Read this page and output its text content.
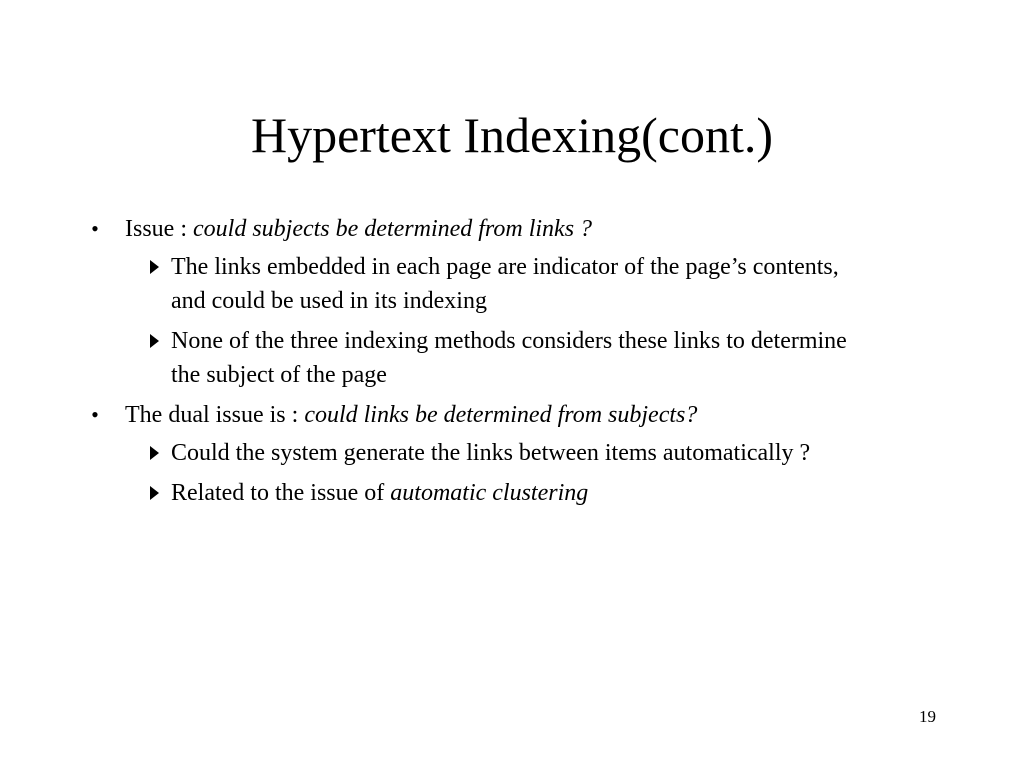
Hypertext Indexing(cont.)
• Issue : could subjects be determined from links ?
The links embedded in each page are indicator of the page’s contents, and could be used in its indexing
None of the three indexing methods considers these links to determine the subject of the page
• The dual issue is : could links be determined from subjects?
Could the system generate the links between items automatically ?
Related to the issue of automatic clustering
19
